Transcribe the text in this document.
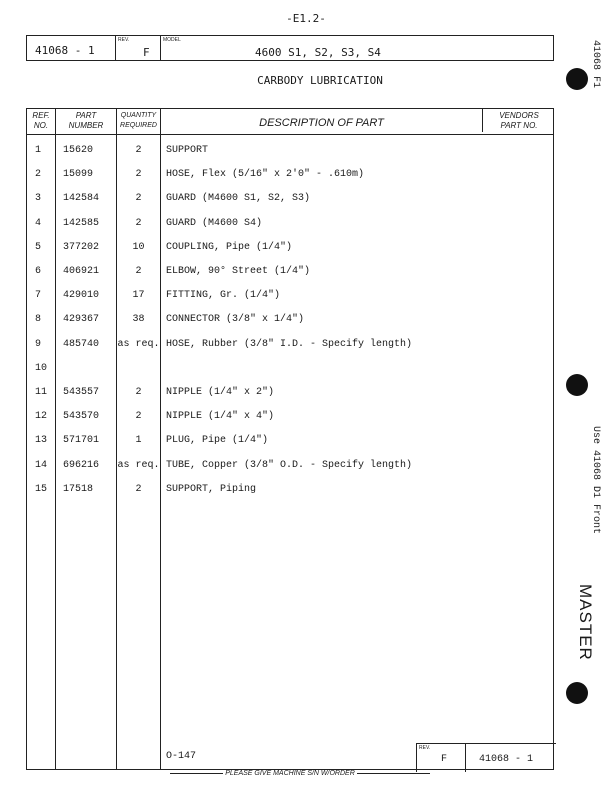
-E1.2-
41068 - 1
REV.
F
MODEL
4600 S1, S2, S3, S4
CARBODY LUBRICATION
REF.
NO.
PART
NUMBER
QUANTITY
REQUIRED	DESCRIPTION OF PART
VENDORS
PART NO.
1 15620	2	SUPPORT
2 15099	2	HOSE, Flex (5/16" x 2'0" - .610m)
3 142584	2	GUARD (M4600 S1, S2, S3)
4 142585	2	GUARD (M4600 S4)
5 377202	10	COUPLING, Pipe (1/4")
6 406921	2	ELBOW, 90° Street (1/4")
7 429010	17	FITTING, Gr. (1/4")
8 429367	38	CONNECTOR (3/8" x 1/4")
9 485740 as req. HOSE, Rubber (3/8" I.D. - Specify length)
10
11 543557	2	NIPPLE (1/4" x 2")
12 543570	2	NIPPLE (1/4" x 4")
13 571701	1	PLUG, Pipe (1/4")
14 696216 as req. TUBE, Copper (3/8" O.D. - Specify length)
15 17518	2	SUPPORT, Piping
O-147
REV.
F	41068 - 1
PLEASE GIVE MACHINE S/N W/ORDER
41068 F1
Use 41068 D1 Front
MASTER
